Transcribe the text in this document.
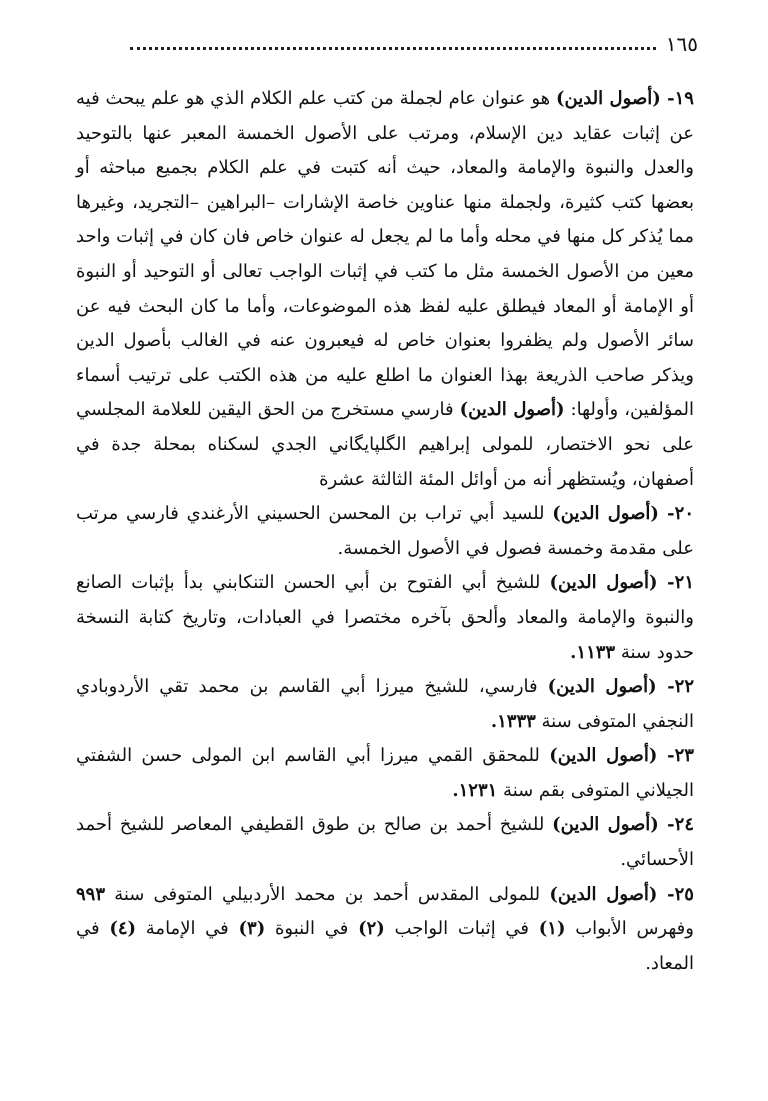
١٦٥

١٩- (أصول الدين) هو عنوان عام لجملة من كتب علم الكلام الذي هو علم يبحث فيه عن إثبات عقايد دين الإسلام، ومرتب على الأصول الخمسة المعبر عنها بالتوحيد والعدل والنبوة والإمامة والمعاد، حيث أنه كتبت في علم الكلام بجميع مباحثه أو بعضها كتب كثيرة، ولجملة منها عناوين خاصة الإشارات –البراهين –التجريد، وغيرها مما يُذكر كل منها في محله وأما ما لم يجعل له عنوان خاص فان كان في إثبات واحد معين من الأصول الخمسة مثل ما كتب في إثبات الواجب تعالى أو التوحيد أو النبوة أو الإمامة أو المعاد فيطلق عليه لفظ هذه الموضوعات، وأما ما كان البحث فيه عن سائر الأصول ولم يظفروا بعنوان خاص له فيعبرون عنه في الغالب بأصول الدين ويذكر صاحب الذريعة بهذا العنوان ما اطلع عليه من هذه الكتب على ترتيب أسماء المؤلفين، وأولها: (أصول الدين) فارسي مستخرج من الحق اليقين للعلامة المجلسي على نحو الاختصار، للمولى إبراهيم الگلپايگاني الجدي لسكناه بمحلة جدة في أصفهان، ويُستظهر أنه من أوائل المئة الثالثة عشرة

٢٠- (أصول الدين) للسيد أبي تراب بن المحسن الحسيني الأرغندي فارسي مرتب على مقدمة وخمسة فصول في الأصول الخمسة.

٢١- (أصول الدين) للشيخ أبي الفتوح بن أبي الحسن التنكابني بدأ بإثبات الصانع والنبوة والإمامة والمعاد وألحق بآخره مختصرا في العبادات، وتاريخ كتابة النسخة حدود سنة ١١٣٣.

٢٢- (أصول الدين) فارسي، للشيخ ميرزا أبي القاسم بن محمد تقي الأردوبادي النجفي المتوفى سنة ١٣٣٣.

٢٣- (أصول الدين) للمحقق القمي ميرزا أبي القاسم ابن المولى حسن الشفتي الجيلاني المتوفى بقم سنة ١٢٣١.

٢٤- (أصول الدين) للشيخ أحمد بن صالح بن طوق القطيفي المعاصر للشيخ أحمد الأحسائي.

٢٥- (أصول الدين) للمولى المقدس أحمد بن محمد الأردبيلي المتوفى سنة ٩٩٣ وفهرس الأبواب (١) في إثبات الواجب (٢) في النبوة (٣) في الإمامة (٤) في المعاد.
